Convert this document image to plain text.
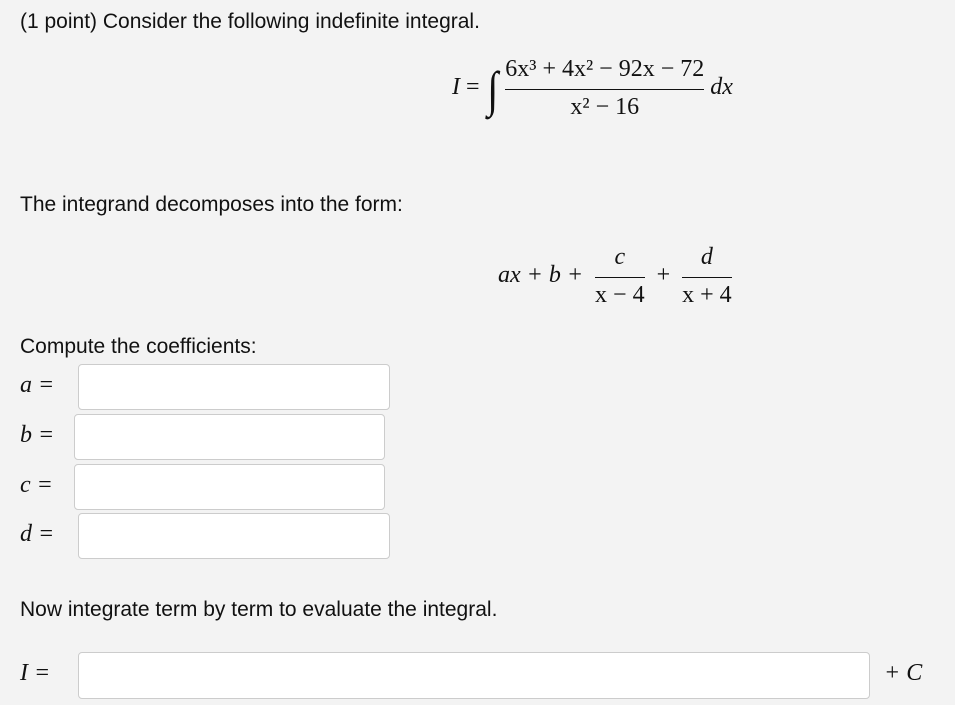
(1 point) Consider the following indefinite integral.
I = ∫ $\frac{\text{6x³ + 4x² − 92x − 72}}{\text{x² − 16}}$ dx
The integrand decomposes into the form:
ax + $b + \frac{c}{x - 4} + \frac{d}{x + 4}$
Compute the coefficients:
a =
b =
c =
d =
Now integrate term by term to evaluate the integral.
I =	+ C
